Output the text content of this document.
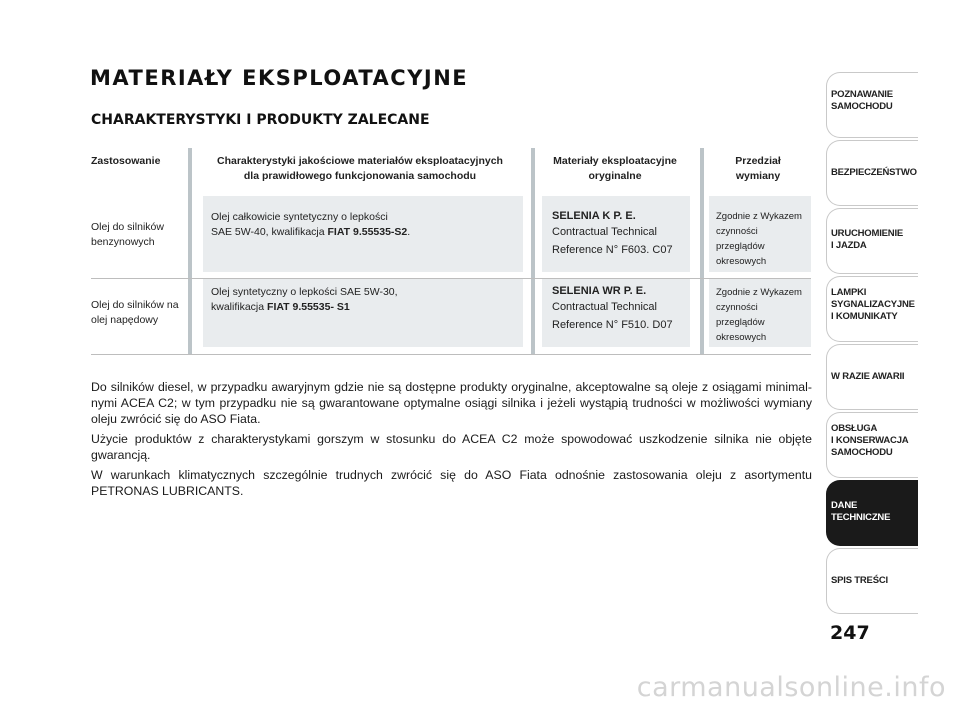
MATERIAŁY EKSPLOATACYJNE
CHARAKTERYSTYKI I PRODUKTY ZALECANE
Zastosowanie	Charakterystyki jakościowe materiałów eksploatacyjnych
dla prawidłowego funkcjonowania samochodu
Materiały eksploatacyjne
oryginalne
Przedział
wymiany
Olej do silników
benzynowych
Olej całkowicie syntetyczny o lepkości
SAE 5W-40, kwalifikacja FIAT 9.55535-S2.
SELENIA K P. E.
Contractual Technical
Reference N° F603. C07
Zgodnie z Wykazem
czynności
przeglądów
okresowych
Olej do silników na
olej napędowy
Olej syntetyczny o lepkości SAE 5W-30,
kwalifikacja FIAT 9.55535- S1
SELENIA WR P. E.
Contractual Technical
Reference N° F510. D07
Zgodnie z Wykazem
czynności
przeglądów
okresowych

Do silników diesel, w przypadku awaryjnym gdzie nie są dostępne produkty oryginalne, akceptowalne są oleje z osiągami minimalnymi ACEA C2; w tym przypadku nie są gwarantowane optymalne osiągi silnika i jeżeli wystąpią trudności w możliwości wymiany oleju zwrócić się do ASO Fiata.

Użycie produktów z charakterystykami gorszym w stosunku do ACEA C2 może spowodować uszkodzenie silnika nie objęte gwarancją.

W warunkach klimatycznych szczególnie trudnych zwrócić się do ASO Fiata odnośnie zastosowania oleju z asortymentu PETRONAS LUBRICANTS.

POZNAWANIE
SAMOCHODU
BEZPIECZEŃSTWO
URUCHOMIENIE
I JAZDA
LAMPKI
SYGNALIZACYJNE
I KOMUNIKATY
W RAZIE AWARII
OBSŁUGA
I KONSERWACJA
SAMOCHODU
DANE
TECHNICZNE
SPIS TREŚCI
247
carmanualsonline.info
